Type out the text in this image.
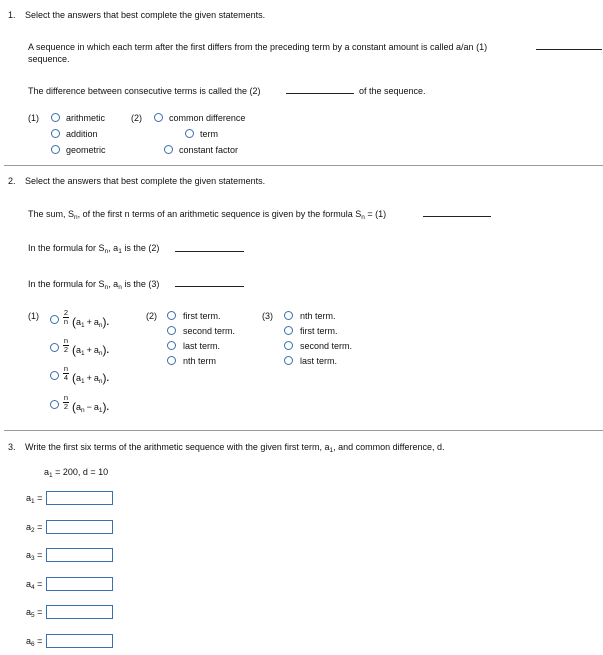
1. Select the answers that best complete the given statements.
A sequence in which each term after the first differs from the preceding term by a constant amount is called a/an (1)
sequence.
The difference between consecutive terms is called the (2)	of the sequence.
(1)	arithmetic
addition
geometric
(2)	common difference
term
constant factor
2. Select the answers that best complete the given statements.
The sum, $S_n$, of the first n terms of an arithmetic sequence is given by the formula $S_n = (1)$
In the formula for $S_n$, $a_1$ is the (2)
In the formula for $S_n$, $a_n$ is the (3)
(1)	2
n $(a_1 + a_n)$.
n
2 $(a_1 + a_n)$.
n
4 $(a_1 + a_n)$.
n
2 $(a_n - a_1)$.
(2)	first term.
second term.
last term.
nth term
(3)	nth term.
first term.
second term.
last term.
3. Write the first six terms of the arithmetic sequence with the given first term, $a_1$, and common difference, d.
$a_1 = 200$, d = 10
$a_1$ =
$a_2$ =
$a_3$ =
$a_4$ =
$a_5$ =
$a_6$ =
